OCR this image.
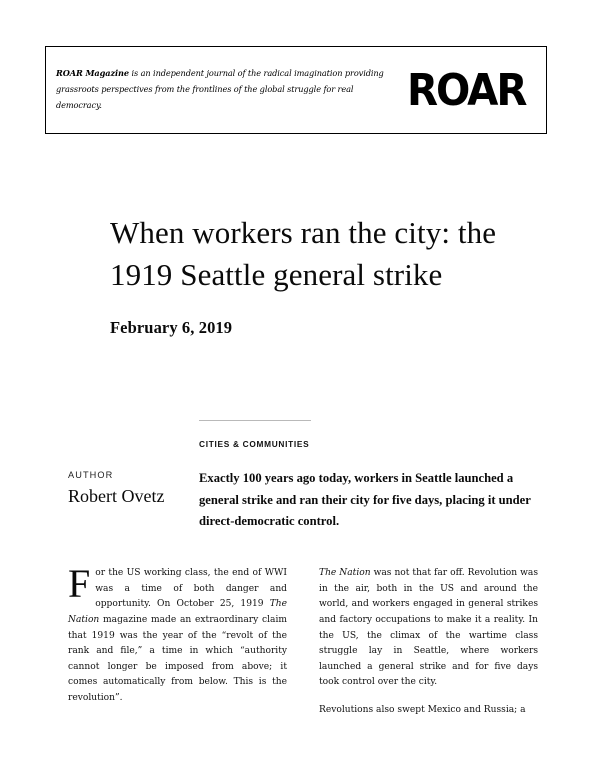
ROAR Magazine is an independent journal of the radical imagination providing grassroots perspectives from the frontlines of the global struggle for real democracy.	ROAR
When workers ran the city: the 1919 Seattle general strike
February 6, 2019
CITIES & COMMUNITIES
AUTHOR
Robert Ovetz
Exactly 100 years ago today, workers in Seattle launched a general strike and ran their city for five days, placing it under direct-democratic control.

For the US working class, the end of WWI was a time of both danger and opportunity. On October 25, 1919 The Nation magazine made an extraordinary claim that 1919 was the year of the “revolt of the rank and file,” a time in which “authority cannot longer be imposed from above; it comes automatically from below. This is the revolution”.

The Nation was not that far off. Revolution was in the air, both in the US and around the world, and workers engaged in general strikes and factory occupations to make it a reality. In the US, the climax of the wartime class struggle lay in Seattle, where workers launched a general strike and for five days took control over the city.

Revolutions also swept Mexico and Russia; a
